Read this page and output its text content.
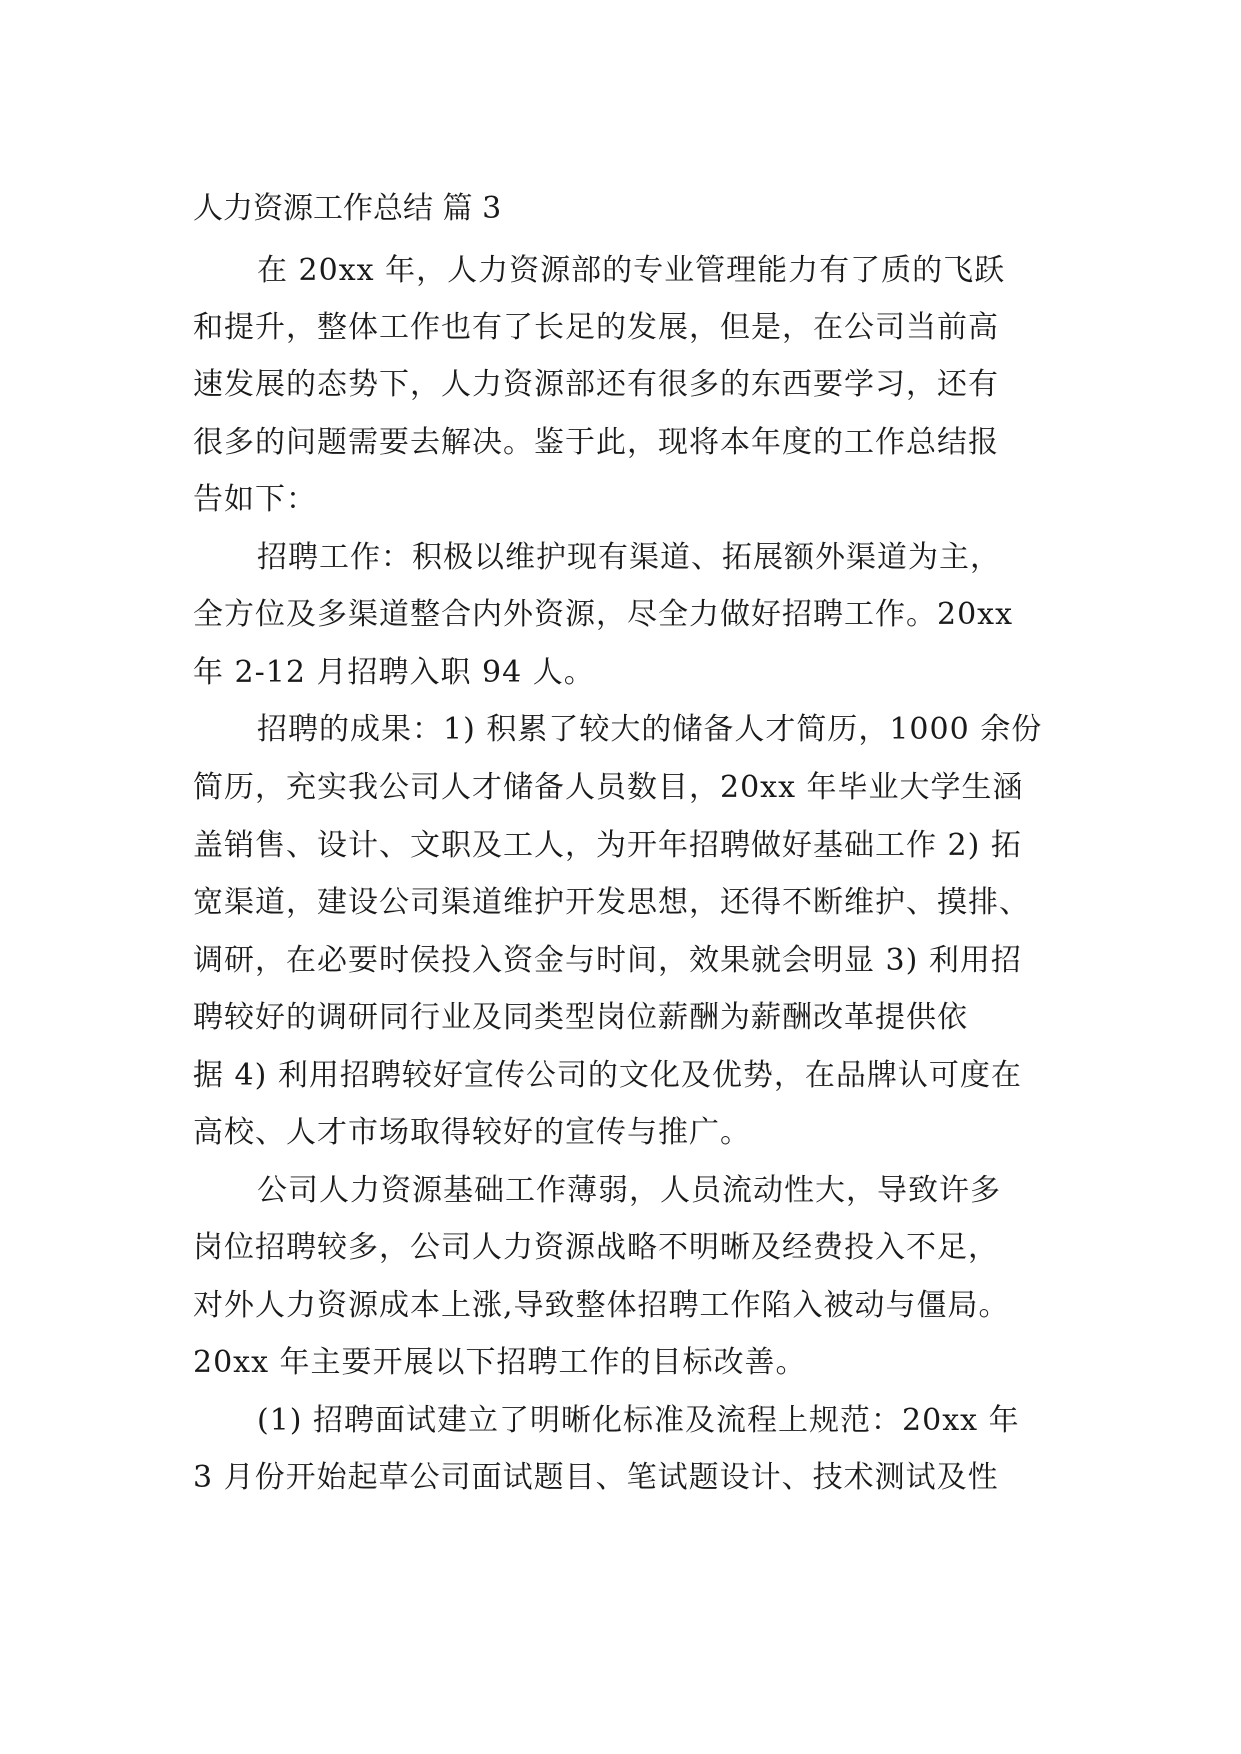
人力资源工作总结 篇 3
在 20xx 年，人力资源部的专业管理能力有了质的飞跃
和提升，整体工作也有了长足的发展，但是，在公司当前高
速发展的态势下，人力资源部还有很多的东西要学习，还有
很多的问题需要去解决。鉴于此，现将本年度的工作总结报
告如下：
招聘工作：积极以维护现有渠道、拓展额外渠道为主，
全方位及多渠道整合内外资源，尽全力做好招聘工作。20xx
年 2-12 月招聘入职 94 人。
招聘的成果：1) 积累了较大的储备人才简历，1000 余份
简历，充实我公司人才储备人员数目，20xx 年毕业大学生涵
盖销售、设计、文职及工人，为开年招聘做好基础工作 2) 拓
宽渠道，建设公司渠道维护开发思想，还得不断维护、摸排、
调研，在必要时侯投入资金与时间，效果就会明显 3) 利用招
聘较好的调研同行业及同类型岗位薪酬为薪酬改革提供依
据 4) 利用招聘较好宣传公司的文化及优势，在品牌认可度在
高校、人才市场取得较好的宣传与推广。
公司人力资源基础工作薄弱，人员流动性大，导致许多
岗位招聘较多，公司人力资源战略不明晰及经费投入不足，
对外人力资源成本上涨,导致整体招聘工作陷入被动与僵局。
20xx 年主要开展以下招聘工作的目标改善。
(1) 招聘面试建立了明晰化标准及流程上规范：20xx 年
3 月份开始起草公司面试题目、笔试题设计、技术测试及性
